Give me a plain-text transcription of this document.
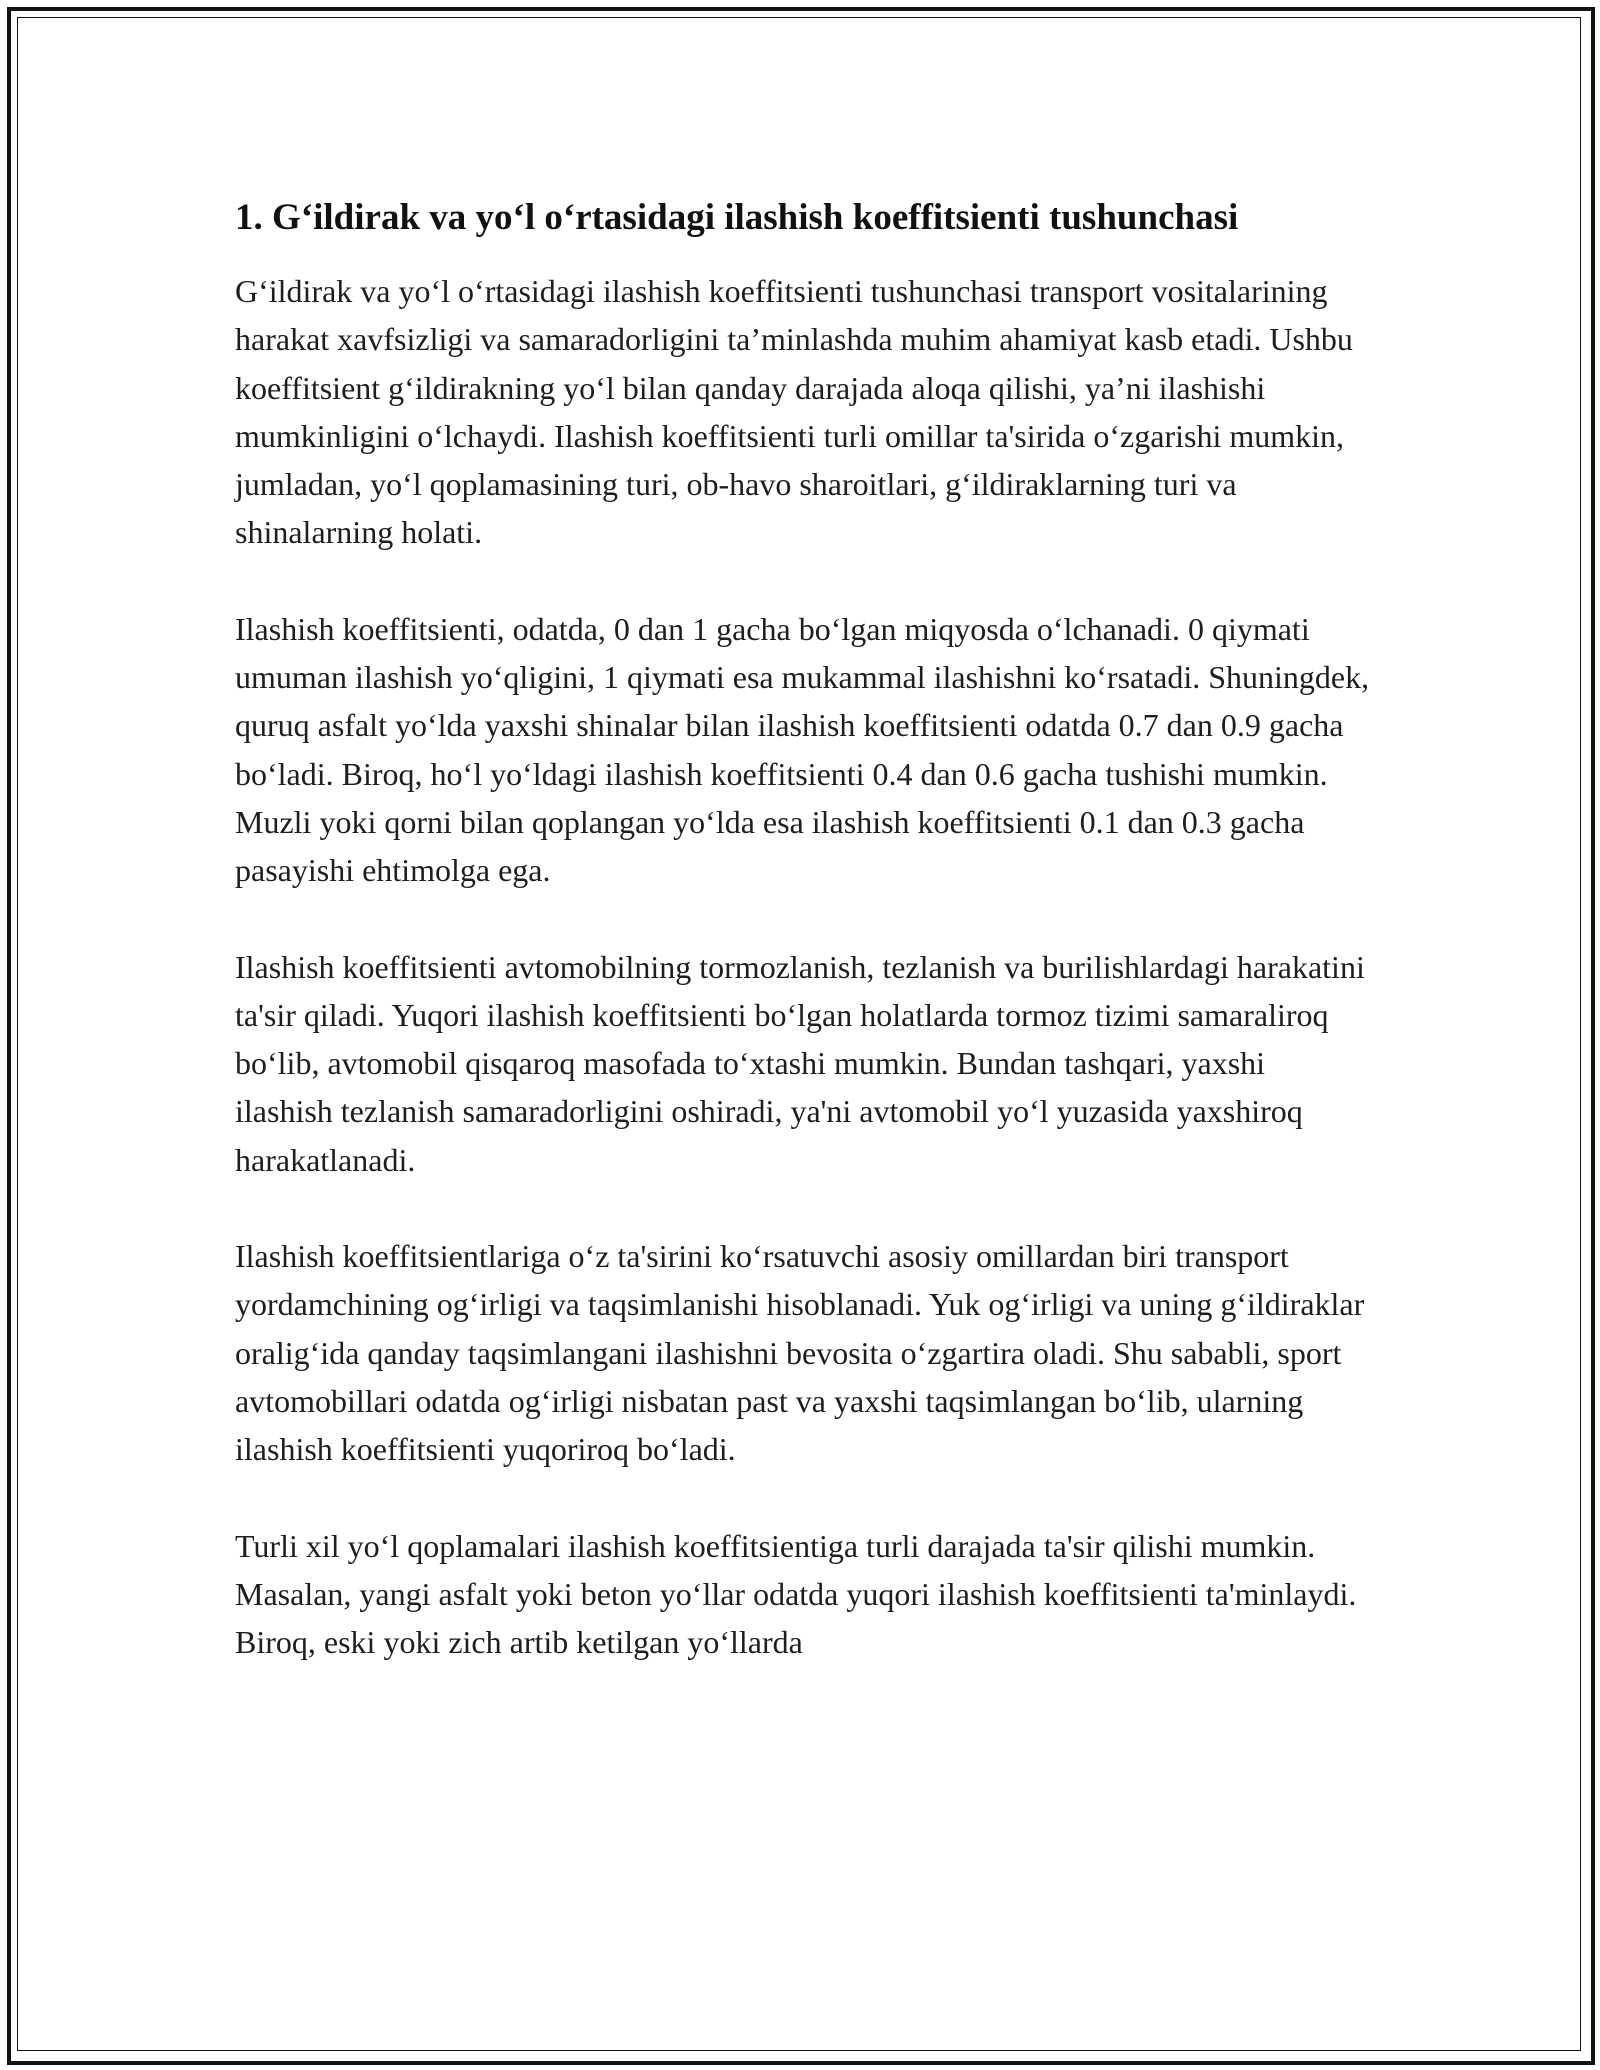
1. G‘ildirak va yo‘l o‘rtasidagi ilashish koeffitsienti tushunchasi

G‘ildirak va yo‘l o‘rtasidagi ilashish koeffitsienti tushunchasi transport vositalarining harakat xavfsizligi va samaradorligini ta’minlashda muhim ahamiyat kasb etadi. Ushbu koeffitsient g‘ildirakning yo‘l bilan qanday darajada aloqa qilishi, ya’ni ilashishi mumkinligini o‘lchaydi. Ilashish koeffitsienti turli omillar ta'sirida o‘zgarishi mumkin, jumladan, yo‘l qoplamasining turi, ob-havo sharoitlari, g‘ildiraklarning turi va shinalarning holati.

Ilashish koeffitsienti, odatda, 0 dan 1 gacha bo‘lgan miqyosda o‘lchanadi. 0 qiymati umuman ilashish yo‘qligini, 1 qiymati esa mukammal ilashishni ko‘rsatadi. Shuningdek, quruq asfalt yo‘lda yaxshi shinalar bilan ilashish koeffitsienti odatda 0.7 dan 0.9 gacha bo‘ladi. Biroq, ho‘l yo‘ldagi ilashish koeffitsienti 0.4 dan 0.6 gacha tushishi mumkin. Muzli yoki qorni bilan qoplangan yo‘lda esa ilashish koeffitsienti 0.1 dan 0.3 gacha pasayishi ehtimolga ega.

Ilashish koeffitsienti avtomobilning tormozlanish, tezlanish va burilishlardagi harakatini ta'sir qiladi. Yuqori ilashish koeffitsienti bo‘lgan holatlarda tormoz tizimi samaraliroq bo‘lib, avtomobil qisqaroq masofada to‘xtashi mumkin. Bundan tashqari, yaxshi ilashish tezlanish samaradorligini oshiradi, ya'ni avtomobil yo‘l yuzasida yaxshiroq harakatlanadi.

Ilashish koeffitsientlariga o‘z ta'sirini ko‘rsatuvchi asosiy omillardan biri transport yordamchining og‘irligi va taqsimlanishi hisoblanadi. Yuk og‘irligi va uning g‘ildiraklar oralig‘ida qanday taqsimlangani ilashishni bevosita o‘zgartira oladi. Shu sababli, sport avtomobillari odatda og‘irligi nisbatan past va yaxshi taqsimlangan bo‘lib, ularning ilashish koeffitsienti yuqoriroq bo‘ladi.

Turli xil yo‘l qoplamalari ilashish koeffitsientiga turli darajada ta'sir qilishi mumkin. Masalan, yangi asfalt yoki beton yo‘llar odatda yuqori ilashish koeffitsienti ta'minlaydi. Biroq, eski yoki zich artib ketilgan yo‘llarda
